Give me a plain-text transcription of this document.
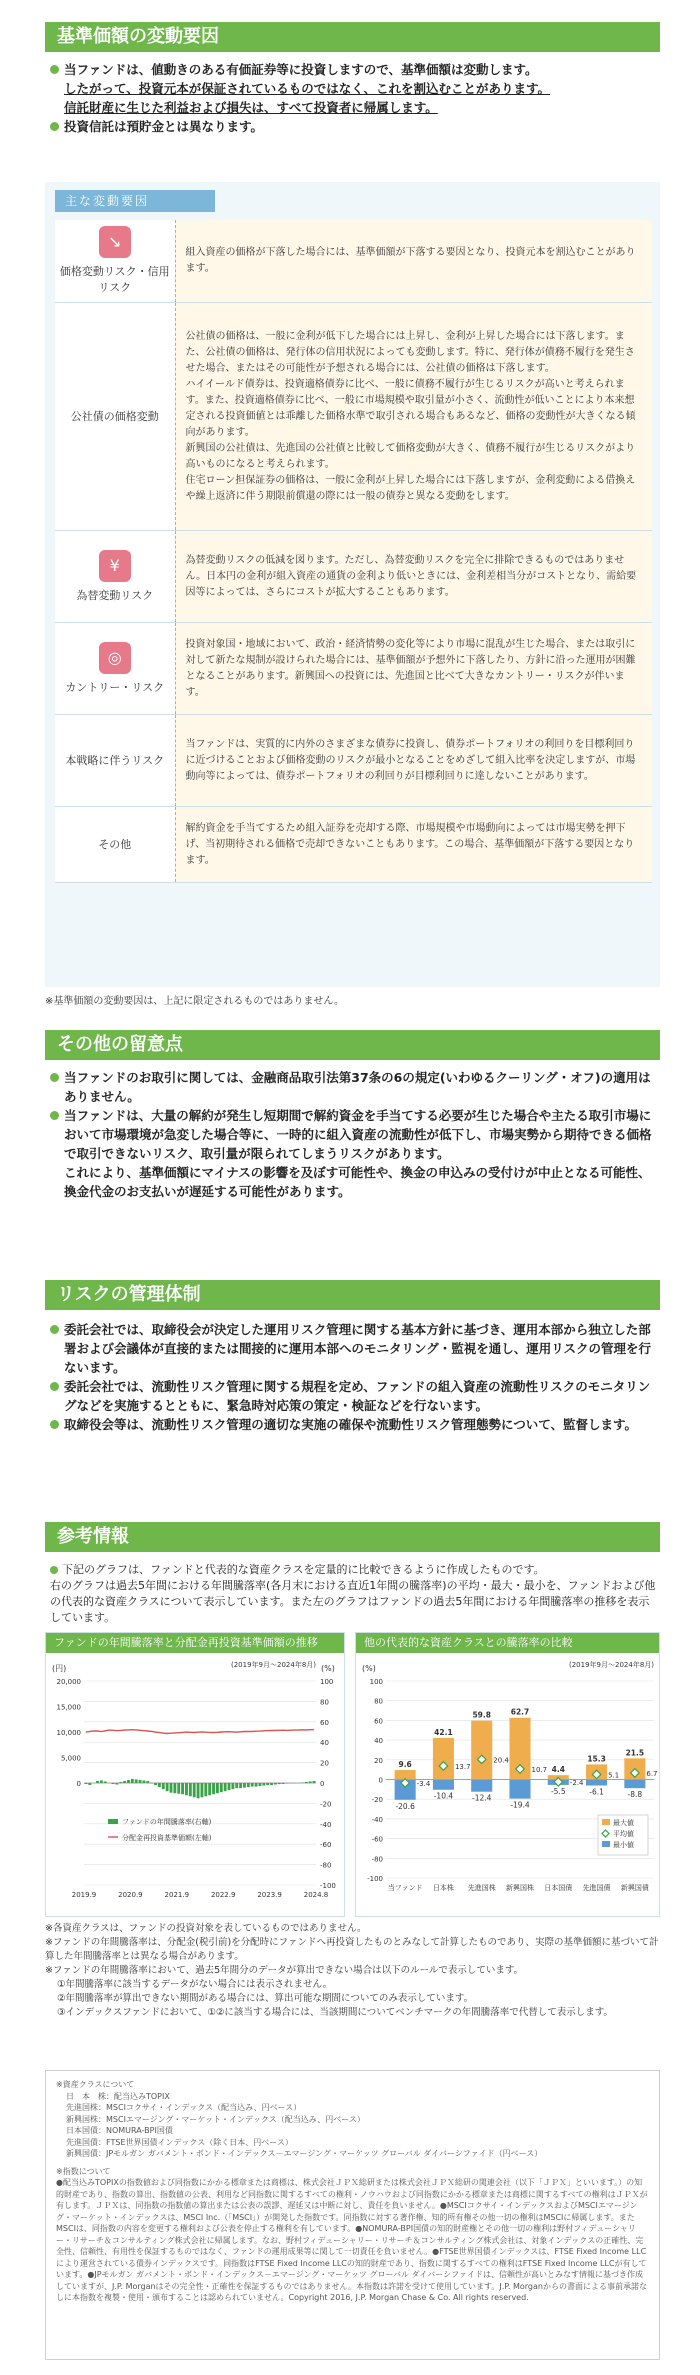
基準価額の変動要因

当ファンドは、値動きのある有価証券等に投資しますので、基準価額は変動します。
したがって、投資元本が保証されているものではなく、これを割込むことがあります。
信託財産に生じた利益および損失は、すべて投資者に帰属します。

投資信託は預貯金とは異なります。

主な変動要因
↘
価格変動リスク・信用リスク	組入資産の価格が下落した場合には、基準価額が下落する要因となり、投資元本を割込むことがあります。
公社債の価格変動	公社債の価格は、一般に金利が低下した場合には上昇し、金利が上昇した場合には下落します。また、公社債の価格は、発行体の信用状況によっても変動します。特に、発行体が債務不履行を発生させた場合、またはその可能性が予想される場合には、公社債の価格は下落します。
ハイイールド債券は、投資適格債券に比べ、一般に債務不履行が生じるリスクが高いと考えられます。また、投資適格債券に比べ、一般に市場規模や取引量が小さく、流動性が低いことにより本来想定される投資価値とは乖離した価格水準で取引される場合もあるなど、価格の変動性が大きくなる傾向があります。
新興国の公社債は、先進国の公社債と比較して価格変動が大きく、債務不履行が生じるリスクがより高いものになると考えられます。
住宅ローン担保証券の価格は、一般に金利が上昇した場合には下落しますが、金利変動による借換えや繰上返済に伴う期限前償還の際には一般の債券と異なる変動をします。

¥
為替変動リスク	為替変動リスクの低減を図ります。ただし、為替変動リスクを完全に排除できるものではありません。日本円の金利が組入資産の通貨の金利より低いときには、金利差相当分がコストとなり、需給要因等によっては、さらにコストが拡大することもあります。

◎
カントリー・リスク	投資対象国・地域において、政治・経済情勢の変化等により市場に混乱が生じた場合、または取引に対して新たな規制が設けられた場合には、基準価額が予想外に下落したり、方針に沿った運用が困難となることがあります。新興国への投資には、先進国と比べて大きなカントリー・リスクが伴います。
本戦略に伴うリスク	当ファンドは、実質的に内外のさまざまな債券に投資し、債券ポートフォリオの利回りを目標利回りに近づけることおよび価格変動のリスクが最小となることをめざして組入比率を決定しますが、市場動向等によっては、債券ポートフォリオの利回りが目標利回りに達しないことがあります。
その他	解約資金を手当てするため組入証券を売却する際、市場規模や市場動向によっては市場実勢を押下げ、当初期待される価格で売却できないこともあります。この場合、基準価額が下落する要因となります。
※基準価額の変動要因は、上記に限定されるものではありません。
その他の留意点

当ファンドのお取引に関しては、金融商品取引法第37条の6の規定(いわゆるクーリング・オフ)の適用はありません。

当ファンドは、大量の解約が発生し短期間で解約資金を手当てする必要が生じた場合や主たる取引市場において市場環境が急変した場合等に、一時的に組入資産の流動性が低下し、市場実勢から期待できる価格で取引できないリスク、取引量が限られてしまうリスクがあります。

これにより、基準価額にマイナスの影響を及ぼす可能性や、換金の申込みの受付けが中止となる可能性、換金代金のお支払いが遅延する可能性があります。

リスクの管理体制

委託会社では、取締役会が決定した運用リスク管理に関する基本方針に基づき、運用本部から独立した部署および会議体が直接的または間接的に運用本部へのモニタリング・監視を通し、運用リスクの管理を行ないます。

委託会社では、流動性リスク管理に関する規程を定め、ファンドの組入資産の流動性リスクのモニタリングなどを実施するとともに、緊急時対応策の策定・検証などを行ないます。

取締役会等は、流動性リスク管理の適切な実施の確保や流動性リスク管理態勢について、監督します。

参考情報

下記のグラフは、ファンドと代表的な資産クラスを定量的に比較できるように作成したものです。

右のグラフは過去5年間における年間騰落率(各月末における直近1年間の騰落率)の平均・最大・最小を、ファンドおよび他の代表的な資産クラスについて表示しています。また左のグラフはファンドの過去5年間における年間騰落率の推移を表示しています。
ファンドの年間騰落率と分配金再投資基準価額の推移
(円)	(%)
(2019年9月～2024年8月)
100
80
60
40
20
0
-20
-40
-60
-80
-100
20,000
15,000
10,000
5,000
0
2019.9	2020.9	2021.9	2022.9	2023.9	2024.8
ファンドの年間騰落率(右軸)
分配金再投資基準価額(左軸)
他の代表的な資産クラスとの騰落率の比較
(%)	(2019年9月～2024年8月)
100
80
60
40
20
0
-20
-40
-60
-80
-100
9.6
-3.4
-20.6
当ファンド
42.1
13.7
-10.4
日本株
59.8
20.4
-12.4
先進国株
62.7
10.7
-19.4
新興国株
4.4
-2.4
-5.5
日本国債
15.3
5.1
-6.1
先進国債
21.5
6.7
-8.8
新興国債
最大値
平均値
最小値
※各資産クラスは、ファンドの投資対象を表しているものではありません。
※ファンドの年間騰落率は、分配金(税引前)を分配時にファンドへ再投資したものとみなして計算したものであり、実際の基準価額に基づいて計算した年間騰落率とは異なる場合があります。
※ファンドの年間騰落率において、過去5年間分のデータが算出できない場合は以下のルールで表示しています。
①年間騰落率に該当するデータがない場合には表示されません。
②年間騰落率が算出できない期間がある場合には、算出可能な期間についてのみ表示しています。
③インデックスファンドにおいて、①②に該当する場合には、当該期間についてベンチマークの年間騰落率で代替して表示します。
※資産クラスについて
日　本　株：配当込みTOPIX
先進国株：MSCIコクサイ・インデックス（配当込み、円ベース）
新興国株：MSCIエマージング・マーケット・インデックス（配当込み、円ベース）
日本国債：NOMURA-BPI国債
先進国債：FTSE世界国債インデックス（除く日本、円ベース）
新興国債：JPモルガン ガバメント・ボンド・インデックス－エマージング・マーケッツ グローバル ダイバーシファイド（円ベース）
※指数について
●配当込みTOPIXの指数値および同指数にかかる標章または商標は、株式会社ＪＰＸ総研または株式会社ＪＰＸ総研の関連会社（以下「ＪＰＸ」といいます。）の知的財産であり、指数の算出、指数値の公表、利用など同指数に関するすべての権利・ノウハウおよび同指数にかかる標章または商標に関するすべての権利はＪＰＸが有します。ＪＰＸは、同指数の指数値の算出または公表の誤謬、遅延又は中断に対し、責任を負いません。●MSCIコクサイ・インデックスおよびMSCIエマージング・マーケット・インデックスは、MSCI Inc.（「MSCI」）が開発した指数です。同指数に対する著作権、知的所有権その他一切の権利はMSCIに帰属します。またMSCIは、同指数の内容を変更する権利および公表を停止する権利を有しています。●NOMURA-BPI国債の知的財産権とその他一切の権利は野村フィデューシャリー・リサーチ＆コンサルティング株式会社に帰属します。なお、野村フィデューシャリー・リサーチ＆コンサルティング株式会社は、対象インデックスの正確性、完全性、信頼性、有用性を保証するものではなく、ファンドの運用成果等に関して一切責任を負いません。●FTSE世界国債インデックスは、FTSE Fixed Income LLCにより運営されている債券インデックスです。同指数はFTSE Fixed Income LLCの知的財産であり、指数に関するすべての権利はFTSE Fixed Income LLCが有しています。●JPモルガン ガバメント・ボンド・インデックス－エマージング・マーケッツ グローバル ダイバーシファイドは、信頼性が高いとみなす情報に基づき作成していますが、J.P. Morganはその完全性・正確性を保証するものではありません。本指数は許諾を受けて使用しています。J.P. Morganからの書面による事前承諾なしに本指数を複製・使用・頒布することは認められていません。Copyright 2016, J.P. Morgan Chase & Co. All rights reserved.
